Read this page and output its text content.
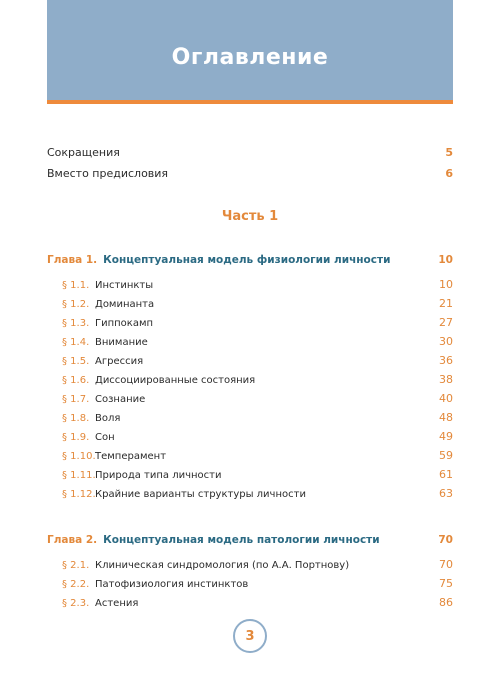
Оглавление
Сокращения	5
Вместо предисловия	6
Часть 1
Глава 1. Концептуальная модель физиологии личности	10
§ 1.1. Инстинкты	10
§ 1.2. Доминанта	21
§ 1.3. Гиппокамп	27
§ 1.4. Внимание	30
§ 1.5. Агрессия	36
§ 1.6. Диссоциированные состояния	38
§ 1.7. Сознание	40
§ 1.8. Воля	48
§ 1.9. Сон	49
§ 1.10. Темперамент	59
§ 1.11. Природа типа личности	61
§ 1.12. Крайние варианты структуры личности	63
Глава 2. Концептуальная модель патологии личности	70
§ 2.1. Клиническая синдромология (по А.А. Портнову)	70
§ 2.2. Патофизиология инстинктов	75
§ 2.3. Астения	86
3
